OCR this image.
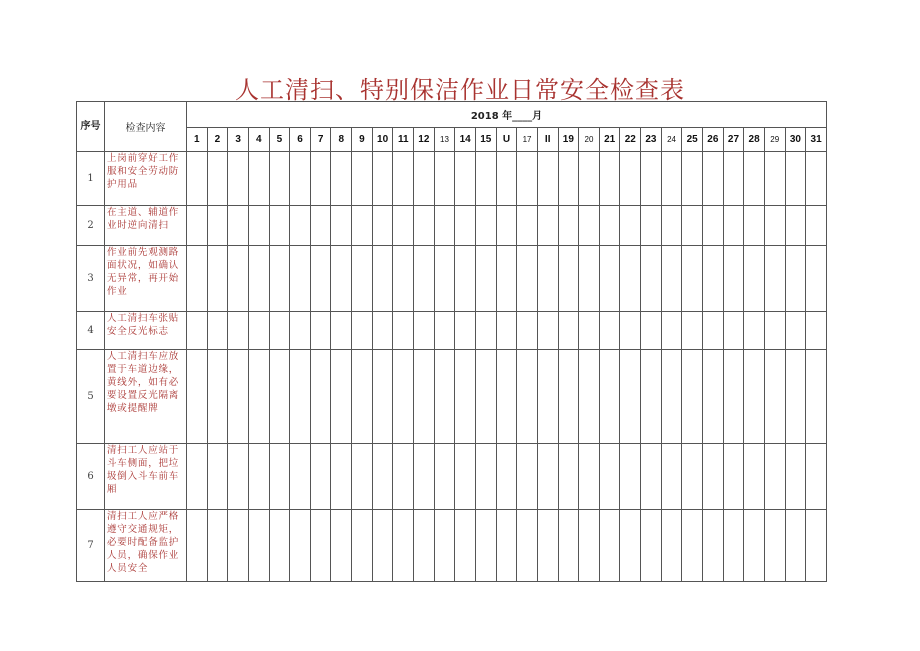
人工清扫、特别保洁作业日常安全检查表
序号	检查内容	2018 年____月																														
		1	2	3	4	5	6	7	8	9	10	11	12	13	14	15	U	17	II	19	20	21	22	23	24	25	26	27	28	29	30	31
1	上岗前穿好工作服和安全劳动防护用品																															
2	在主道、辅道作业时逆向清扫																															
3	作业前先观测路面状况，如确认无异常，再开始作业																															
4	人工清扫车张贴安全反光标志																															
5	人工清扫车应放置于车道边缘，黄线外，如有必要设置反光隔离墩或提醒牌																															
6	清扫工人应站于斗车侧面，把垃圾倒入斗车前车厢																															
7	清扫工人应严格遵守交通规矩，必要时配备监护人员，确保作业人员安全																															
